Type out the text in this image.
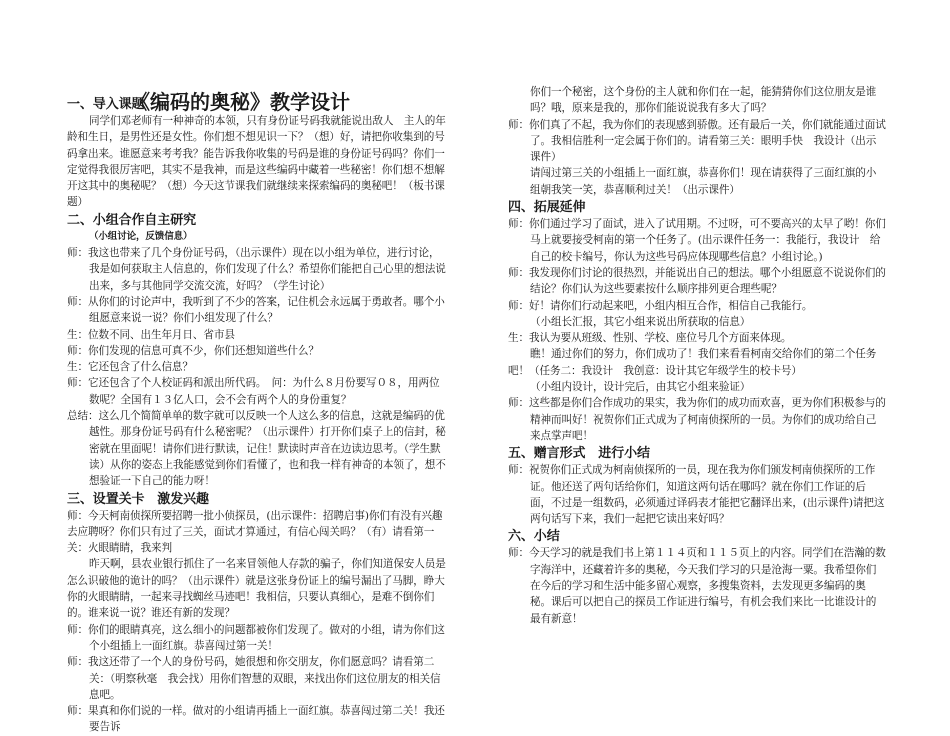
《编码的奥秘》教学设计
一、导入课题
同学们邓老师有一种神奇的本领，只有身份证号码我就能说出敌人　主人的年龄和生日，是男性还是女性。你们想不想见识一下？（想）好，请把你收集到的号码拿出来。谁愿意来考考我？能告诉我你收集的号码是谁的身份证号码吗？你们一定觉得我很厉害吧，其实不是我神，而是这些编码中藏着一些秘密！你们想不想解开这其中的奥秘呢？（想）今天这节课我们就继续来探索编码的奥秘吧！（板书课题）
二、小组合作自主研究
（小组讨论，反馈信息）
师：我这也带来了几个身份证号码，（出示课件）现在以小组为单位，进行讨论，我是如何获取主人信息的，你们发现了什么？希望你们能把自己心里的想法说出来，多与其他同学交流交流，好吗？（学生讨论）
师：从你们的讨论声中，我听到了不少的答案，记住机会永远属于勇敢者。哪个小组愿意来说一说？你们小组发现了什么？
生：位数不同、出生年月日、省市县
师：你们发现的信息可真不少，你们还想知道些什么？
生：它还包含了什么信息？
师：它还包含了个人校证码和派出所代码。　问：为什么８月份要写０８，用两位数呢？全国有１３亿人口，会不会有两个人的身份重复？
总结：这么几个简简单单的数字就可以反映一个人这么多的信息，这就是编码的优越性。那身份证号码有什么秘密呢？（出示课件）打开你们桌子上的信封，秘密就在里面呢！请你们进行默读，记住！默读时声音在边读边思考。（学生默读）从你的姿态上我能感觉到你们看懂了，也和我一样有神奇的本领了，想不想验证一下自己的能力呀！
三、设置关卡　激发兴趣
师：今天柯南侦探所要招聘一批小侦探员，(出示课件：招聘启事)你们有没有兴趣去应聘呀？你们只有过了三关，面试才算通过，有信心闯关吗？（有）请看第一关：火眼睛睛，我来判
昨天啊，县农业银行抓住了一名来冒领他人存款的骗子，你们知道保安人员是怎么识破他的诡计的吗？（出示课件）就是这张身份证上的编号漏出了马脚，睁大你的火眼睛睛，一起来寻找蜘丝马迹吧！我相信，只要认真细心，是难不倒你们的。谁来说一说？谁还有新的发现？
师：你们的眼睛真亮，这么细小的问题都被你们发现了。做对的小组，请为你们这个小组插上一面红旗。恭喜闯过第一关！
师：我这还带了一个人的身份号码，她很想和你交朋友，你们愿意吗？请看第二关：（明察秋毫　我会找）用你们智慧的双眼，来找出你们这位朋友的相关信息吧。
师：果真和你们说的一样。做对的小组请再插上一面红旗。恭喜闯过第二关！我还要告诉
你们一个秘密，这个身份的主人就和你们在一起，能猜猜你们这位朋友是谁吗？哦，原来是我的，那你们能说说我有多大了吗？
师：你们真了不起，我为你们的表现感到骄傲。还有最后一关，你们就能通过面试了。我相信胜利一定会属于你们的。请看第三关：眼明手快　我设计（出示课件）
请闯过第三关的小组插上一面红旗，恭喜你们！现在请获得了三面红旗的小组朝我笑一笑，恭喜顺利过关！（出示课件）
四、拓展延伸
师：你们通过学习了面试，进入了试用期。不过呀，可不要高兴的太早了哟！你们马上就要接受柯南的第一个任务了。(出示课件任务一：我能行，我设计　给自己的校卡编号，你认为这些号码应体现哪些信息？小组讨论。)
师：我发现你们讨论的很热烈，并能说出自己的想法。哪个小组愿意不说说你们的结论？你们认为这些要素按什么顺序排列更合理些呢？
师：好！请你们行动起来吧，小组内相互合作，相信自己我能行。
（小组长汇报，其它小组来说出所获取的信息）
生：我认为要从班级、性别、学校、座位号几个方面来体现。
瞧！通过你们的努力，你们成功了！我们来看看柯南交给你们的第二个任务吧！（任务二：我设计　我创意：设计其它年级学生的校卡号）
（小组内设计，设计完后，由其它小组来验证）
师：这些都是你们合作成功的果实，我为你们的成功而欢喜，更为你们积极参与的精神而叫好！祝贺你们正式成为了柯南侦探所的一员。为你们的成功给自己来点掌声吧！
五、赠言形式　进行小结
师：祝贺你们正式成为柯南侦探所的一员，现在我为你们颁发柯南侦探所的工作证。他还送了两句话给你们，知道这两句话在哪吗？就在你们工作证的后面，不过是一组数码，必须通过译码表才能把它翻译出来，(出示课件)请把这两句话写下来，我们一起把它读出来好吗？
六、小结
师：今天学习的就是我们书上第１１４页和１１５页上的内容。同学们在浩瀚的数字海洋中，还藏着许多的奥秘，今天我们学习的只是沧海一粟。我希望你们在今后的学习和生活中能多留心观察，多搜集资料，去发现更多编码的奥秘。课后可以把自己的探员工作证进行编号，有机会我们来比一比谁设计的最有新意！
